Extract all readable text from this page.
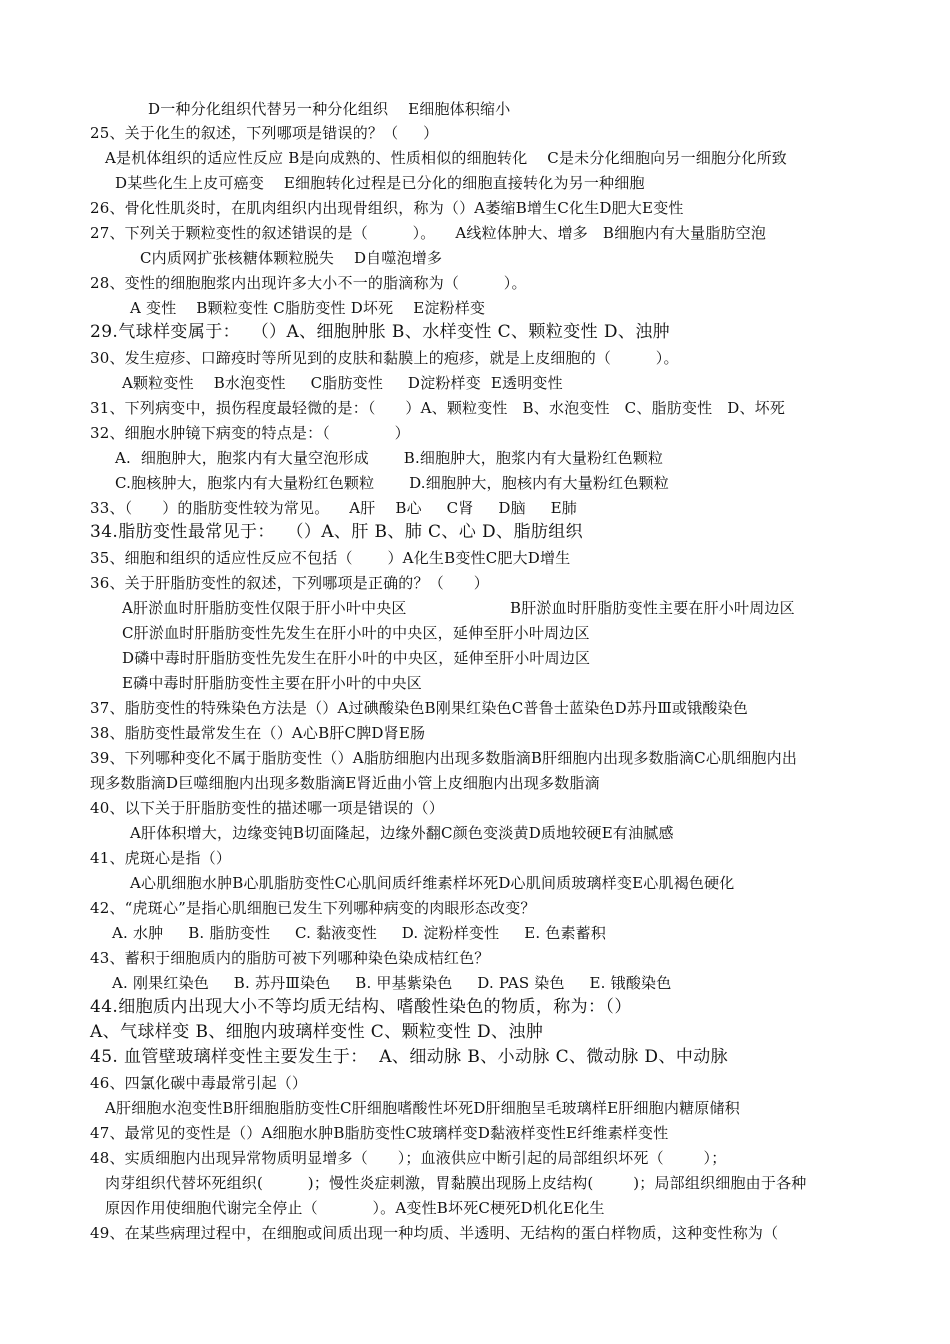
D一种分化组织代替另一种分化组织    E细胞体积缩小
25、关于化生的叙述，下列哪项是错误的？（     ）
A是机体组织的适应性反应 B是向成熟的、性质相似的细胞转化    C是未分化细胞向另一细胞分化所致
D某些化生上皮可癌变    E细胞转化过程是已分化的细胞直接转化为另一种细胞
26、骨化性肌炎时，在肌肉组织内出现骨组织，称为（）A萎缩B增生C化生D肥大E变性
27、下列关于颗粒变性的叙述错误的是（         ）。    A线粒体肿大、增多   B细胞内有大量脂肪空泡
C内质网扩张核糖体颗粒脱失    D自噬泡增多
28、变性的细胞胞浆内出现许多大小不一的脂滴称为（         ）。
A 变性    B颗粒变性 C脂肪变性 D坏死    E淀粉样变
29.气球样变属于：  （）A、细胞肿胀 B、水样变性 C、颗粒变性 D、浊肿
30、发生痘疹、口蹄疫时等所见到的皮肤和黏膜上的疱疹，就是上皮细胞的（         ）。
A颗粒变性    B水泡变性     C脂肪变性     D淀粉样变  E透明变性
31、下列病变中，损伤程度最轻微的是：（      ）A、颗粒变性   B、水泡变性   C、脂肪变性   D、坏死
32、细胞水肿镜下病变的特点是：（             ）
A.  细胞肿大，胞浆内有大量空泡形成       B.细胞肿大，胞浆内有大量粉红色颗粒
C.胞核肿大，胞浆内有大量粉红色颗粒       D.细胞肿大，胞核内有大量粉红色颗粒
33、（      ）的脂肪变性较为常见。    A肝    B心     C肾     D脑     E肺
34.脂肪变性最常见于：  （）A、肝 B、肺 C、心 D、脂肪组织
35、细胞和组织的适应性反应不包括（       ）A化生B变性C肥大D增生
36、关于肝脂肪变性的叙述，下列哪项是正确的？（      ）
A肝淤血时肝脂肪变性仅限于肝小叶中央区	B肝淤血时肝脂肪变性主要在肝小叶周边区
C肝淤血时肝脂肪变性先发生在肝小叶的中央区，延伸至肝小叶周边区
D磷中毒时肝脂肪变性先发生在肝小叶的中央区，延伸至肝小叶周边区
E磷中毒时肝脂肪变性主要在肝小叶的中央区
37、脂肪变性的特殊染色方法是（）A过碘酸染色B刚果红染色C普鲁士蓝染色D苏丹Ⅲ或锇酸染色
38、脂肪变性最常发生在（）A心B肝C脾D肾E肠
39、下列哪种变化不属于脂肪变性（）A脂肪细胞内出现多数脂滴B肝细胞内出现多数脂滴C心肌细胞内出
现多数脂滴D巨噬细胞内出现多数脂滴E肾近曲小管上皮细胞内出现多数脂滴
40、以下关于肝脂肪变性的描述哪一项是错误的（）
A肝体积增大，边缘变钝B切面隆起，边缘外翻C颜色变淡黄D质地较硬E有油腻感
41、虎斑心是指（）
A心肌细胞水肿B心肌脂肪变性C心肌间质纤维素样坏死D心肌间质玻璃样变E心肌褐色硬化
42、“虎斑心”是指心肌细胞已发生下列哪种病变的肉眼形态改变？
A. 水肿     B. 脂肪变性     C. 黏液变性     D. 淀粉样变性     E. 色素蓄积
43、蓄积于细胞质内的脂肪可被下列哪种染色染成桔红色？
A. 刚果红染色     B. 苏丹Ⅲ染色     B. 甲基紫染色     D. PAS 染色     E. 锇酸染色
44.细胞质内出现大小不等均质无结构、嗜酸性染色的物质，称为：（）
A、气球样变 B、细胞内玻璃样变性 C、颗粒变性 D、浊肿
45. 血管壁玻璃样变性主要发生于：  A、细动脉 B、小动脉 C、微动脉 D、中动脉
46、四氯化碳中毒最常引起（）
A肝细胞水泡变性B肝细胞脂肪变性C肝细胞嗜酸性坏死D肝细胞呈毛玻璃样E肝细胞内糖原储积
47、最常见的变性是（）A细胞水肿B脂肪变性C玻璃样变D黏液样变性E纤维素样变性
48、实质细胞内出现异常物质明显增多（      ）；血液供应中断引起的局部组织坏死（        ）；
肉芽组织代替坏死组织(         )；慢性炎症刺激，胃黏膜出现肠上皮结构(        )；局部组织细胞由于各种
原因作用使细胞代谢完全停止（           ）。A变性B坏死C梗死D机化E化生
49、在某些病理过程中，在细胞或间质出现一种均质、半透明、无结构的蛋白样物质，这种变性称为（
